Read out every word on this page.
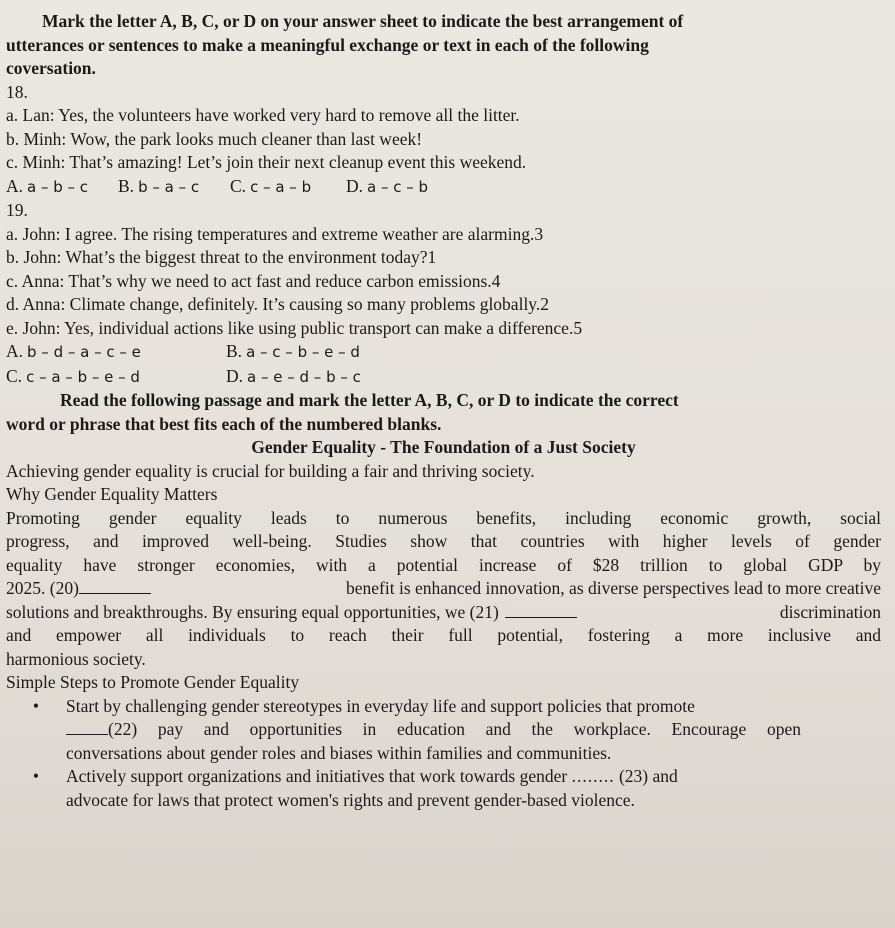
Mark the letter A, B, C, or D on your answer sheet to indicate the best arrangement of
utterances or sentences to make a meaningful exchange or text in each of the following
coversation.
18.
a. Lan: Yes, the volunteers have worked very hard to remove all the litter.
b. Minh: Wow, the park looks much cleaner than last week!
c. Minh: That’s amazing! Let’s join their next cleanup event this weekend.
A. a – b – c	B. b – a – c	C. c – a – b	D. a – c – b
19.
a. John: I agree. The rising temperatures and extreme weather are alarming.3
b. John: What’s the biggest threat to the environment today?1
c. Anna: That’s why we need to act fast and reduce carbon emissions.4
d. Anna: Climate change, definitely. It’s causing so many problems globally.2
e. John: Yes, individual actions like using public transport can make a difference.5
A. b – d – a – c – e	B. a – c – b – e – d
C. c – a – b – e – d	D. a – e – d – b – c
Read the following passage and mark the letter A, B, C, or D to indicate the correct
word or phrase that best fits each of the numbered blanks.
Gender Equality - The Foundation of a Just Society
Achieving gender equality is crucial for building a fair and thriving society.
Why Gender Equality Matters
Promoting gender equality leads to numerous benefits, including economic growth, social
progress, and improved well-being. Studies show that countries with higher levels of gender
equality have stronger economies, with a potential increase of $28 trillion to global GDP by
2025. (20)	benefit is enhanced innovation, as diverse perspectives lead to more creative
solutions and breakthroughs. By ensuring equal opportunities, we (21)	discrimination
and empower all individuals to reach their full potential, fostering a more inclusive and
harmonious society.
Simple Steps to Promote Gender Equality
•	Start by challenging gender stereotypes in everyday life and support policies that promote
(22) pay and opportunities in education and the workplace. Encourage open
conversations about gender roles and biases within families and communities.
•	Actively support organizations and initiatives that work towards gender ........ (23) and
advocate for laws that protect women's rights and prevent gender-based violence.
